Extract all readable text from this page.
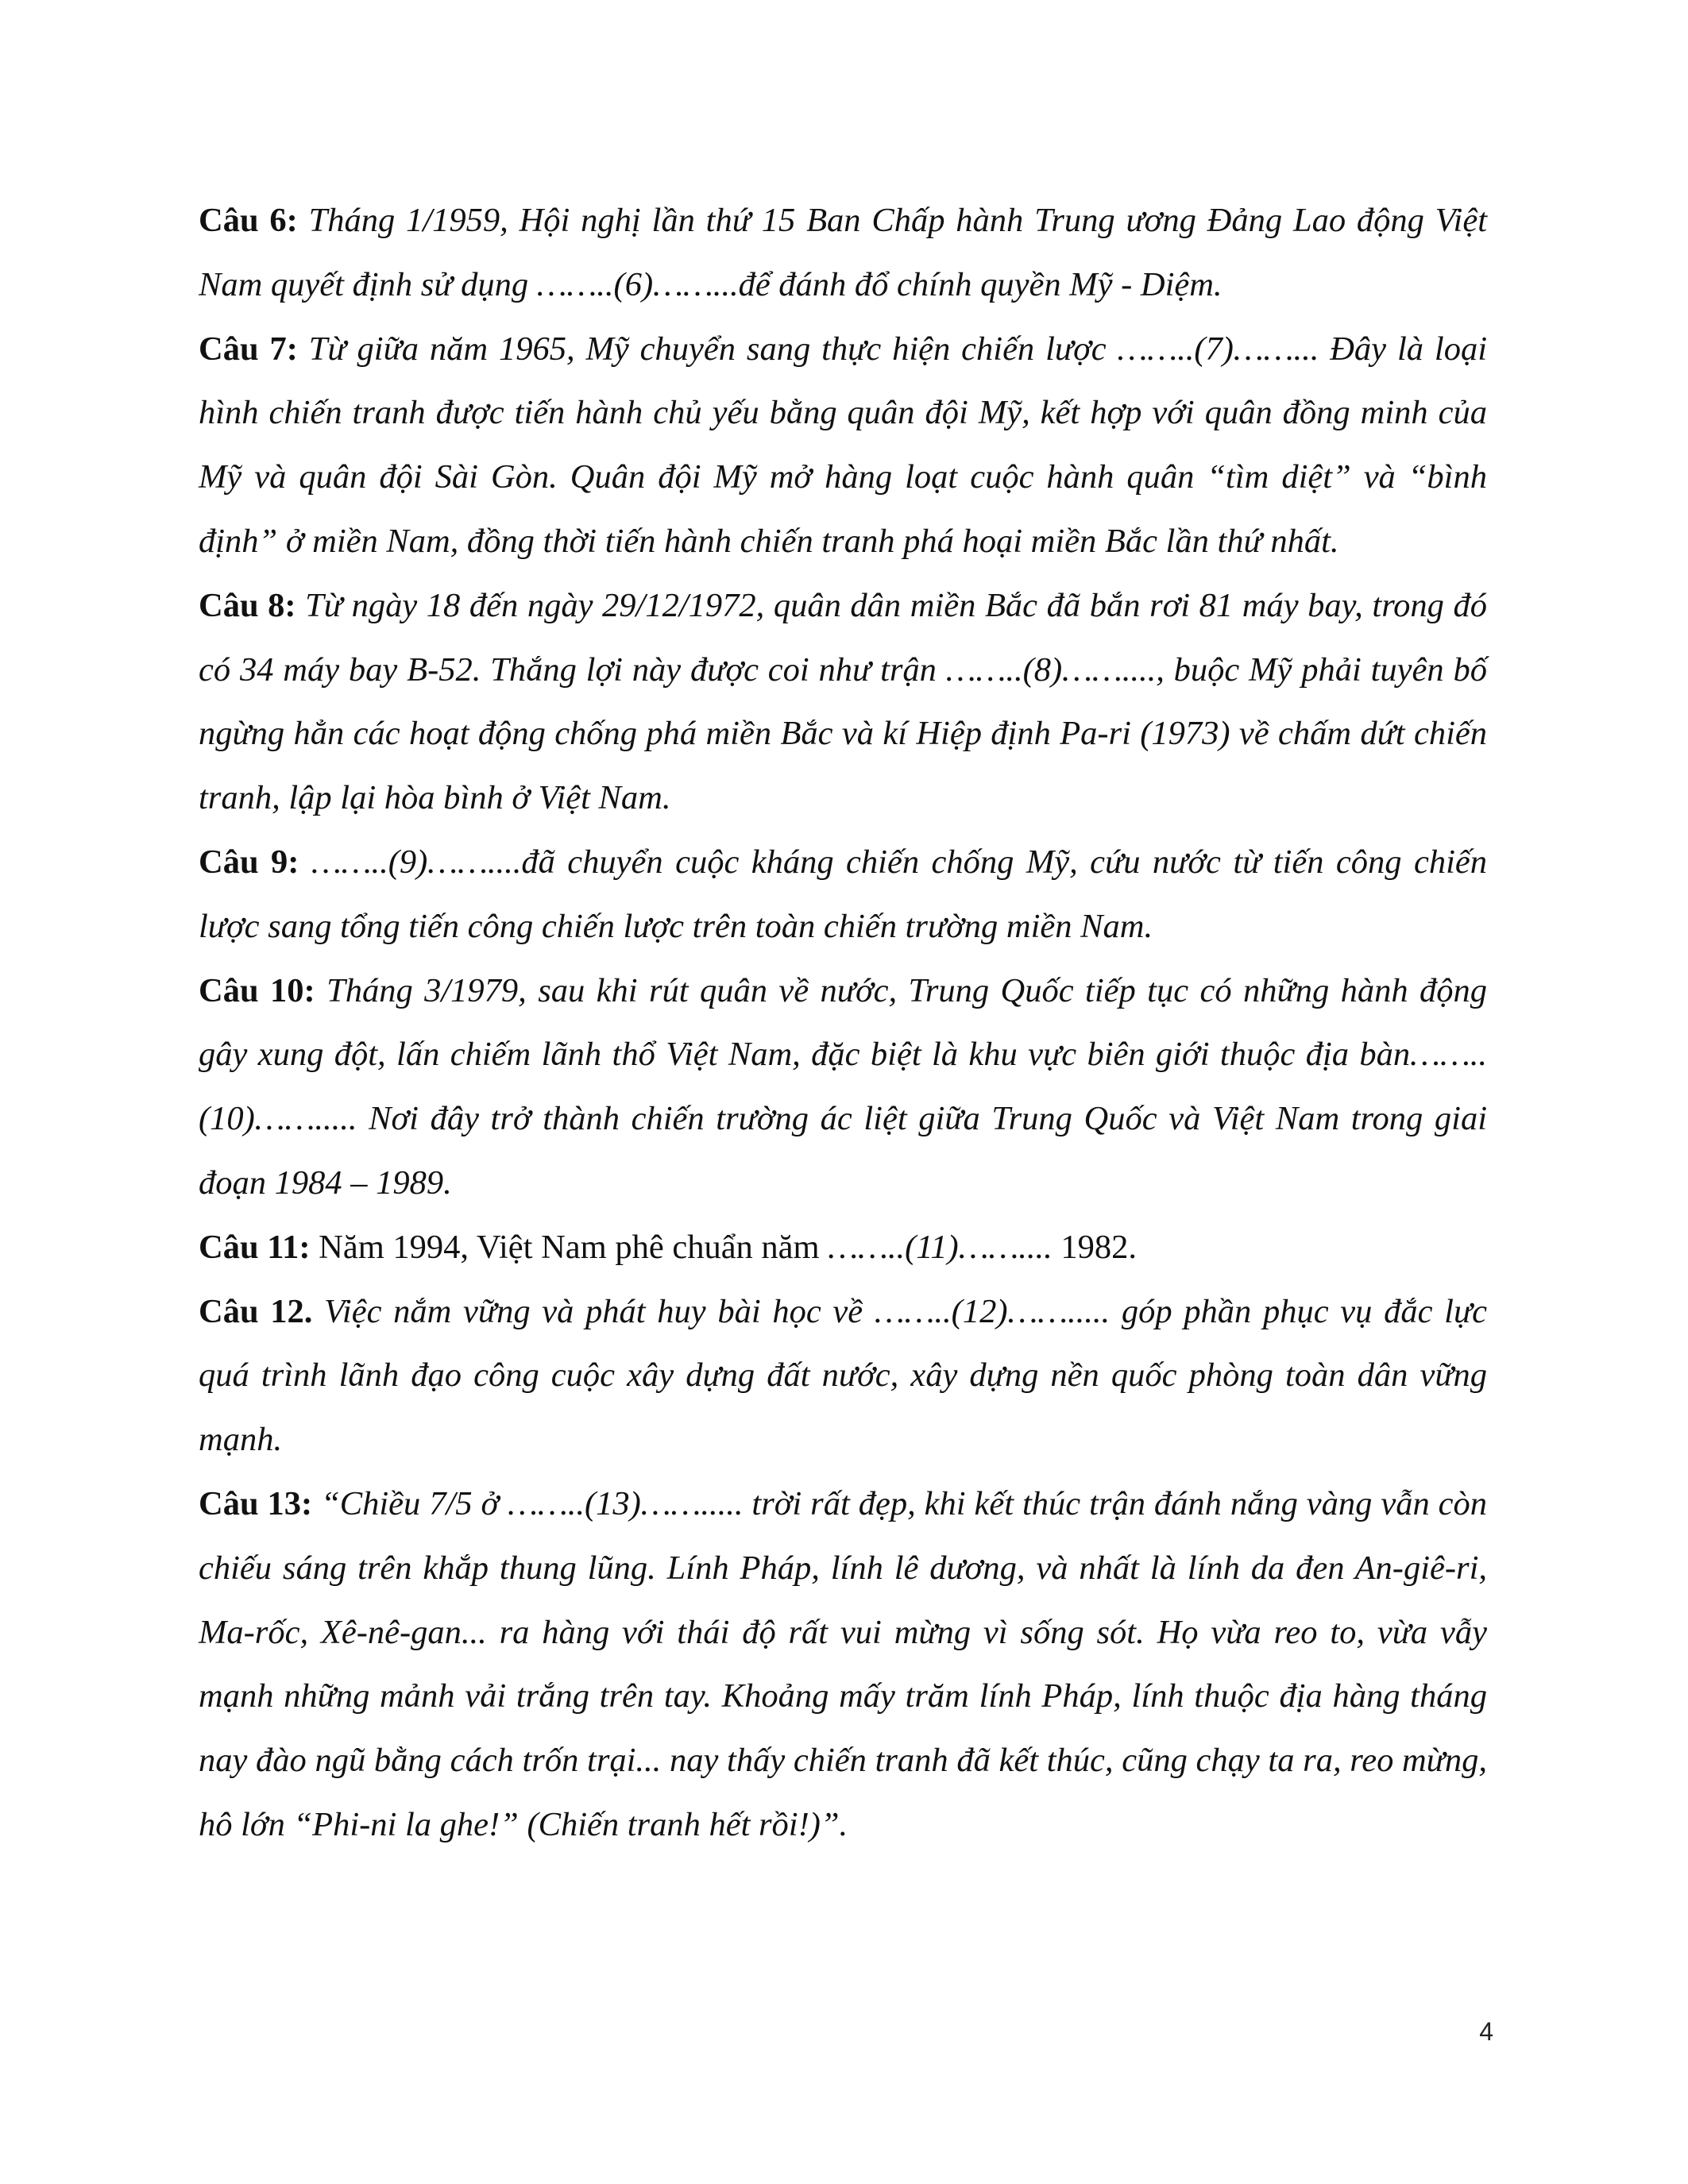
Câu 6: Tháng 1/1959, Hội nghị lần thứ 15 Ban Chấp hành Trung ương Đảng Lao động Việt Nam quyết định sử dụng ……..(6)……...để đánh đổ chính quyền Mỹ - Diệm.

Câu 7: Từ giữa năm 1965, Mỹ chuyển sang thực hiện chiến lược ……..(7)……... Đây là loại hình chiến tranh được tiến hành chủ yếu bằng quân đội Mỹ, kết hợp với quân đồng minh của Mỹ và quân đội Sài Gòn. Quân đội Mỹ mở hàng loạt cuộc hành quân “tìm diệt” và “bình định” ở miền Nam, đồng thời tiến hành chiến tranh phá hoại miền Bắc lần thứ nhất.

Câu 8: Từ ngày 18 đến ngày 29/12/1972, quân dân miền Bắc đã bắn rơi 81 máy bay, trong đó có 34 máy bay B-52. Thắng lợi này được coi như trận ……..(8)……...., buộc Mỹ phải tuyên bố ngừng hẳn các hoạt động chống phá miền Bắc và kí Hiệp định Pa-ri (1973) về chấm dứt chiến tranh, lập lại hòa bình ở Việt Nam.

Câu 9: ……..(9)……....đã chuyển cuộc kháng chiến chống Mỹ, cứu nước từ tiến công chiến lược sang tổng tiến công chiến lược trên toàn chiến trường miền Nam.

Câu 10: Tháng 3/1979, sau khi rút quân về nước, Trung Quốc tiếp tục có những hành động gây xung đột, lấn chiếm lãnh thổ Việt Nam, đặc biệt là khu vực biên giới thuộc địa bàn……..(10)……..... Nơi đây trở thành chiến trường ác liệt giữa Trung Quốc và Việt Nam trong giai đoạn 1984 – 1989.

Câu 11: Năm 1994, Việt Nam phê chuẩn năm ……..(11)…….... 1982.

Câu 12. Việc nắm vững và phát huy bài học về ……..(12)……..... góp phần phục vụ đắc lực quá trình lãnh đạo công cuộc xây dựng đất nước, xây dựng nền quốc phòng toàn dân vững mạnh.

Câu 13: “Chiều 7/5 ở ……..(13)……..... trời rất đẹp, khi kết thúc trận đánh nắng vàng vẫn còn chiếu sáng trên khắp thung lũng. Lính Pháp, lính lê dương, và nhất là lính da đen An-giê-ri, Ma-rốc, Xê-nê-gan... ra hàng với thái độ rất vui mừng vì sống sót. Họ vừa reo to, vừa vẫy mạnh những mảnh vải trắng trên tay. Khoảng mấy trăm lính Pháp, lính thuộc địa hàng tháng nay đào ngũ bằng cách trốn trại... nay thấy chiến tranh đã kết thúc, cũng chạy ta ra, reo mừng, hô lớn “Phi-ni la ghe!” (Chiến tranh hết rồi!)”.

4
